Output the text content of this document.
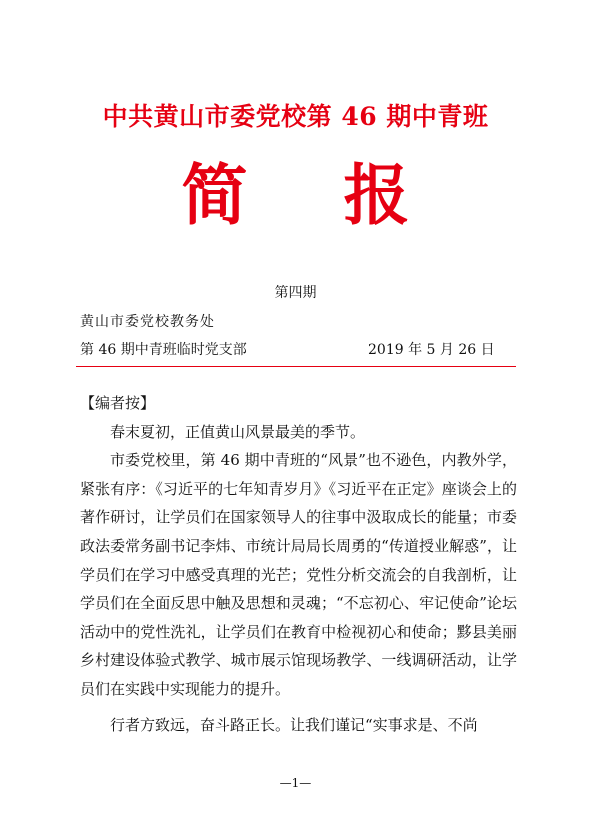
中共黄山市委党校第 46 期中青班
简 报
第四期
黄山市委党校教务处
第 46 期中青班临时党支部	2019 年 5 月 26 日

【编者按】

春末夏初，正值黄山风景最美的季节。

市委党校里，第 46 期中青班的“风景”也不逊色，内教外学，紧张有序：《习近平的七年知青岁月》《习近平在正定》座谈会上的著作研讨，让学员们在国家领导人的往事中汲取成长的能量；市委政法委常务副书记李炜、市统计局局长周勇的“传道授业解惑”，让学员们在学习中感受真理的光芒；党性分析交流会的自我剖析，让学员们在全面反思中触及思想和灵魂；“不忘初心、牢记使命”论坛活动中的党性洗礼，让学员们在教育中检视初心和使命；黟县美丽乡村建设体验式教学、城市展示馆现场教学、一线调研活动，让学员们在实践中实现能力的提升。

行者方致远，奋斗路正长。让我们谨记“实事求是、不尚

—1—
